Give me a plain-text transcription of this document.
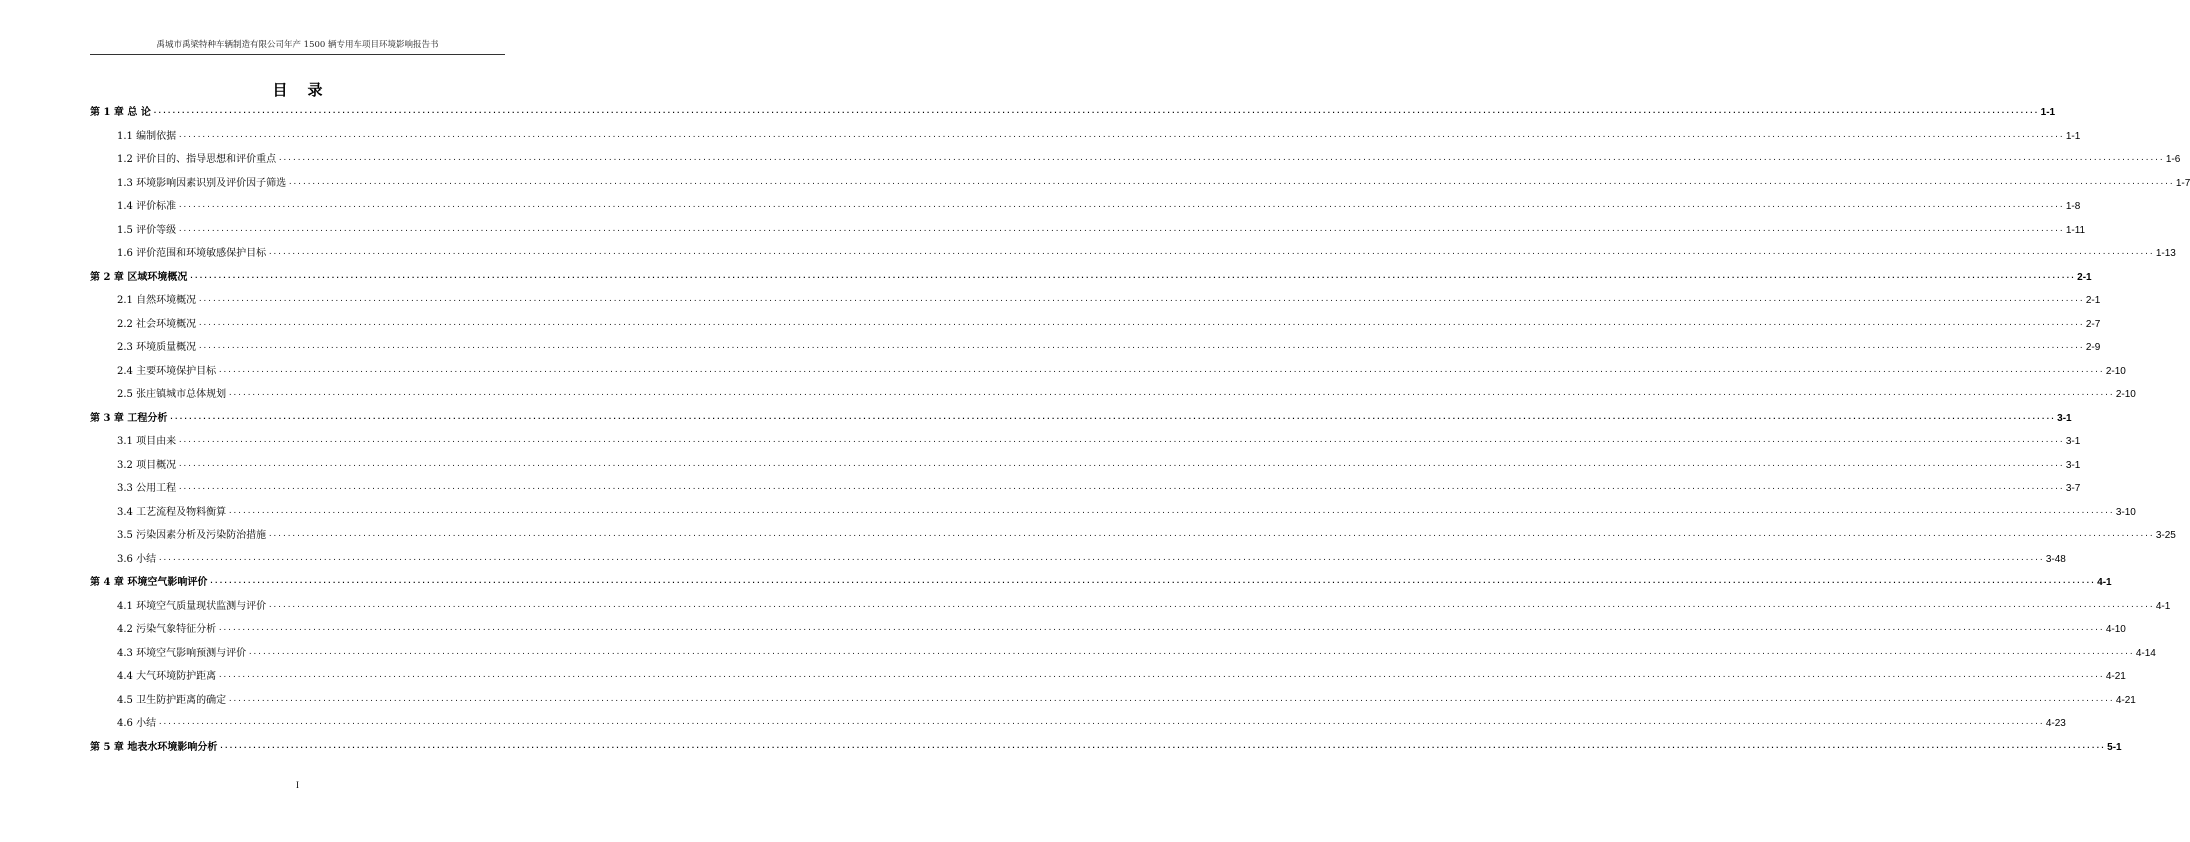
禹城市禹梁特种车辆制造有限公司年产 1500 辆专用车项目环境影响报告书
目录
第 1 章 总 论 ················································································································································································································································································································································································································ 1-1
1.1 编制依据 ················································································································································································································································································································································································································ 1-1
1.2 评价目的、指导思想和评价重点 ················································································································································································································································································································································································································ 1-6
1.3 环境影响因素识别及评价因子筛选 ················································································································································································································································································································································································································ 1-7
1.4 评价标准 ················································································································································································································································································································································································································ 1-8
1.5 评价等级 ················································································································································································································································································································································································································ 1-11
1.6 评价范围和环境敏感保护目标 ················································································································································································································································································································································································································ 1-13
第 2 章 区域环境概况 ················································································································································································································································································································································································································ 2-1
2.1 自然环境概况 ················································································································································································································································································································································································································ 2-1
2.2 社会环境概况 ················································································································································································································································································································································································································ 2-7
2.3 环境质量概况 ················································································································································································································································································································································································································ 2-9
2.4 主要环境保护目标 ················································································································································································································································································································································································································ 2-10
2.5 张庄镇城市总体规划 ················································································································································································································································································································································································································ 2-10
第 3 章 工程分析 ················································································································································································································································································································································································································ 3-1
3.1 项目由来 ················································································································································································································································································································································································································ 3-1
3.2 项目概况 ················································································································································································································································································································································································································ 3-1
3.3 公用工程 ················································································································································································································································································································································································································ 3-7
3.4 工艺流程及物料衡算 ················································································································································································································································································································································································································ 3-10
3.5 污染因素分析及污染防治措施 ················································································································································································································································································································································································································ 3-25
3.6 小结 ················································································································································································································································································································································································································ 3-48
第 4 章 环境空气影响评价 ················································································································································································································································································································································································································ 4-1
4.1 环境空气质量现状监测与评价 ················································································································································································································································································································································································································ 4-1
4.2 污染气象特征分析 ················································································································································································································································································································································································································ 4-10
4.3 环境空气影响预测与评价 ················································································································································································································································································································································································································ 4-14
4.4 大气环境防护距离 ················································································································································································································································································································································································································ 4-21
4.5 卫生防护距离的确定 ················································································································································································································································································································································································································ 4-21
4.6 小结 ················································································································································································································································································································································································································ 4-23
第 5 章 地表水环境影响分析 ················································································································································································································································································································································································································ 5-1
I
